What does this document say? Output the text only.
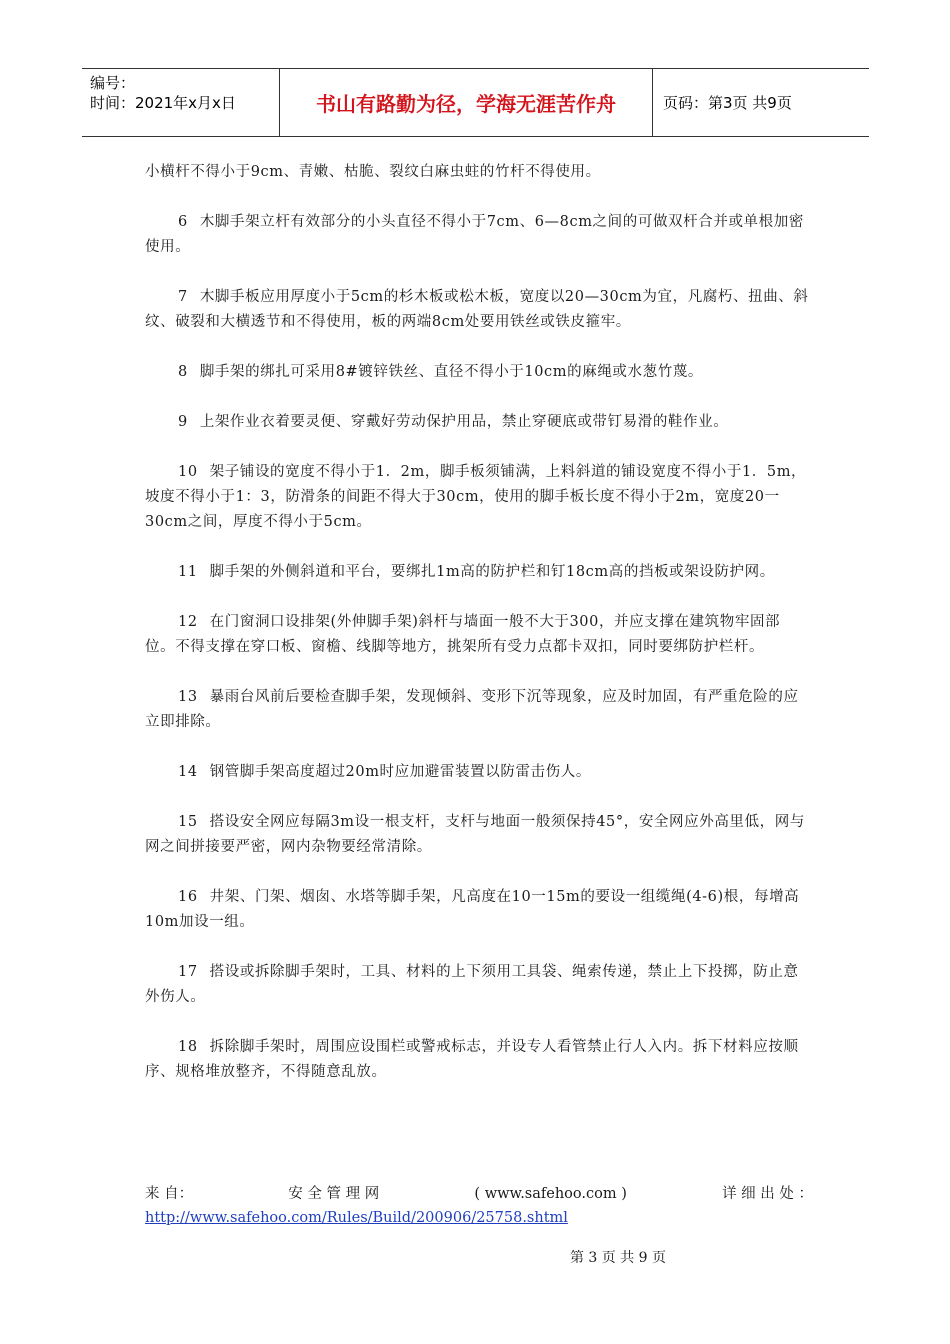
编号：
时间：2021年x月x日	书山有路勤为径，学海无涯苦作舟	页码：第3页 共9页

小横杆不得小于9cm、青嫩、枯脆、裂纹白麻虫蛀的竹杆不得使用。

6 木脚手架立杆有效部分的小头直径不得小于7cm、6—8cm之间的可做双杆合并或单根加密使用。

7 木脚手板应用厚度小于5cm的杉木板或松木板，宽度以20—30cm为宜，凡腐朽、扭曲、斜纹、破裂和大横透节和不得使用，板的两端8cm处要用铁丝或铁皮箍牢。

8 脚手架的绑扎可采用8#镀锌铁丝、直径不得小于10cm的麻绳或水葱竹蔑。

9 上架作业衣着要灵便、穿戴好劳动保护用品，禁止穿硬底或带钉易滑的鞋作业。

10 架子铺设的宽度不得小于1．2m，脚手板须铺满，上料斜道的铺设宽度不得小于1．5m，坡度不得小于1：3，防滑条的间距不得大于30cm，使用的脚手板长度不得小于2m，宽度20一30cm之间，厚度不得小于5cm。

11 脚手架的外侧斜道和平台，要绑扎1m高的防护栏和钉18cm高的挡板或架设防护网。

12 在门窗洞口设排架(外伸脚手架)斜杆与墙面一般不大于300，并应支撑在建筑物牢固部位。不得支撑在穿口板、窗檐、线脚等地方，挑架所有受力点都卡双扣，同时要绑防护栏杆。

13 暴雨台风前后要检查脚手架，发现倾斜、变形下沉等现象，应及时加固，有严重危险的应立即排除。

14 钢管脚手架高度超过20m时应加避雷装置以防雷击伤人。

15 搭设安全网应每隔3m设一根支杆，支杆与地面一般须保持45°，安全网应外高里低，网与网之间拼接要严密，网内杂物要经常清除。

16 井架、门架、烟囱、水塔等脚手架，凡高度在10一15m的要设一组缆绳(4-6)根，每增高10m加设一组。

17 搭设或拆除脚手架时，工具、材料的上下须用工具袋、绳索传递，禁止上下投掷，防止意外伤人。

18 拆除脚手架时，周围应设围栏或警戒标志，并设专人看管禁止行人入内。拆下材料应按顺序、规格堆放整齐，不得随意乱放。

来 自：	安 全 管 理 网	( www.safehoo.com )	详 细 出 处 ：
http://www.safehoo.com/Rules/Build/200906/25758.shtml
第 3 页 共 9 页
